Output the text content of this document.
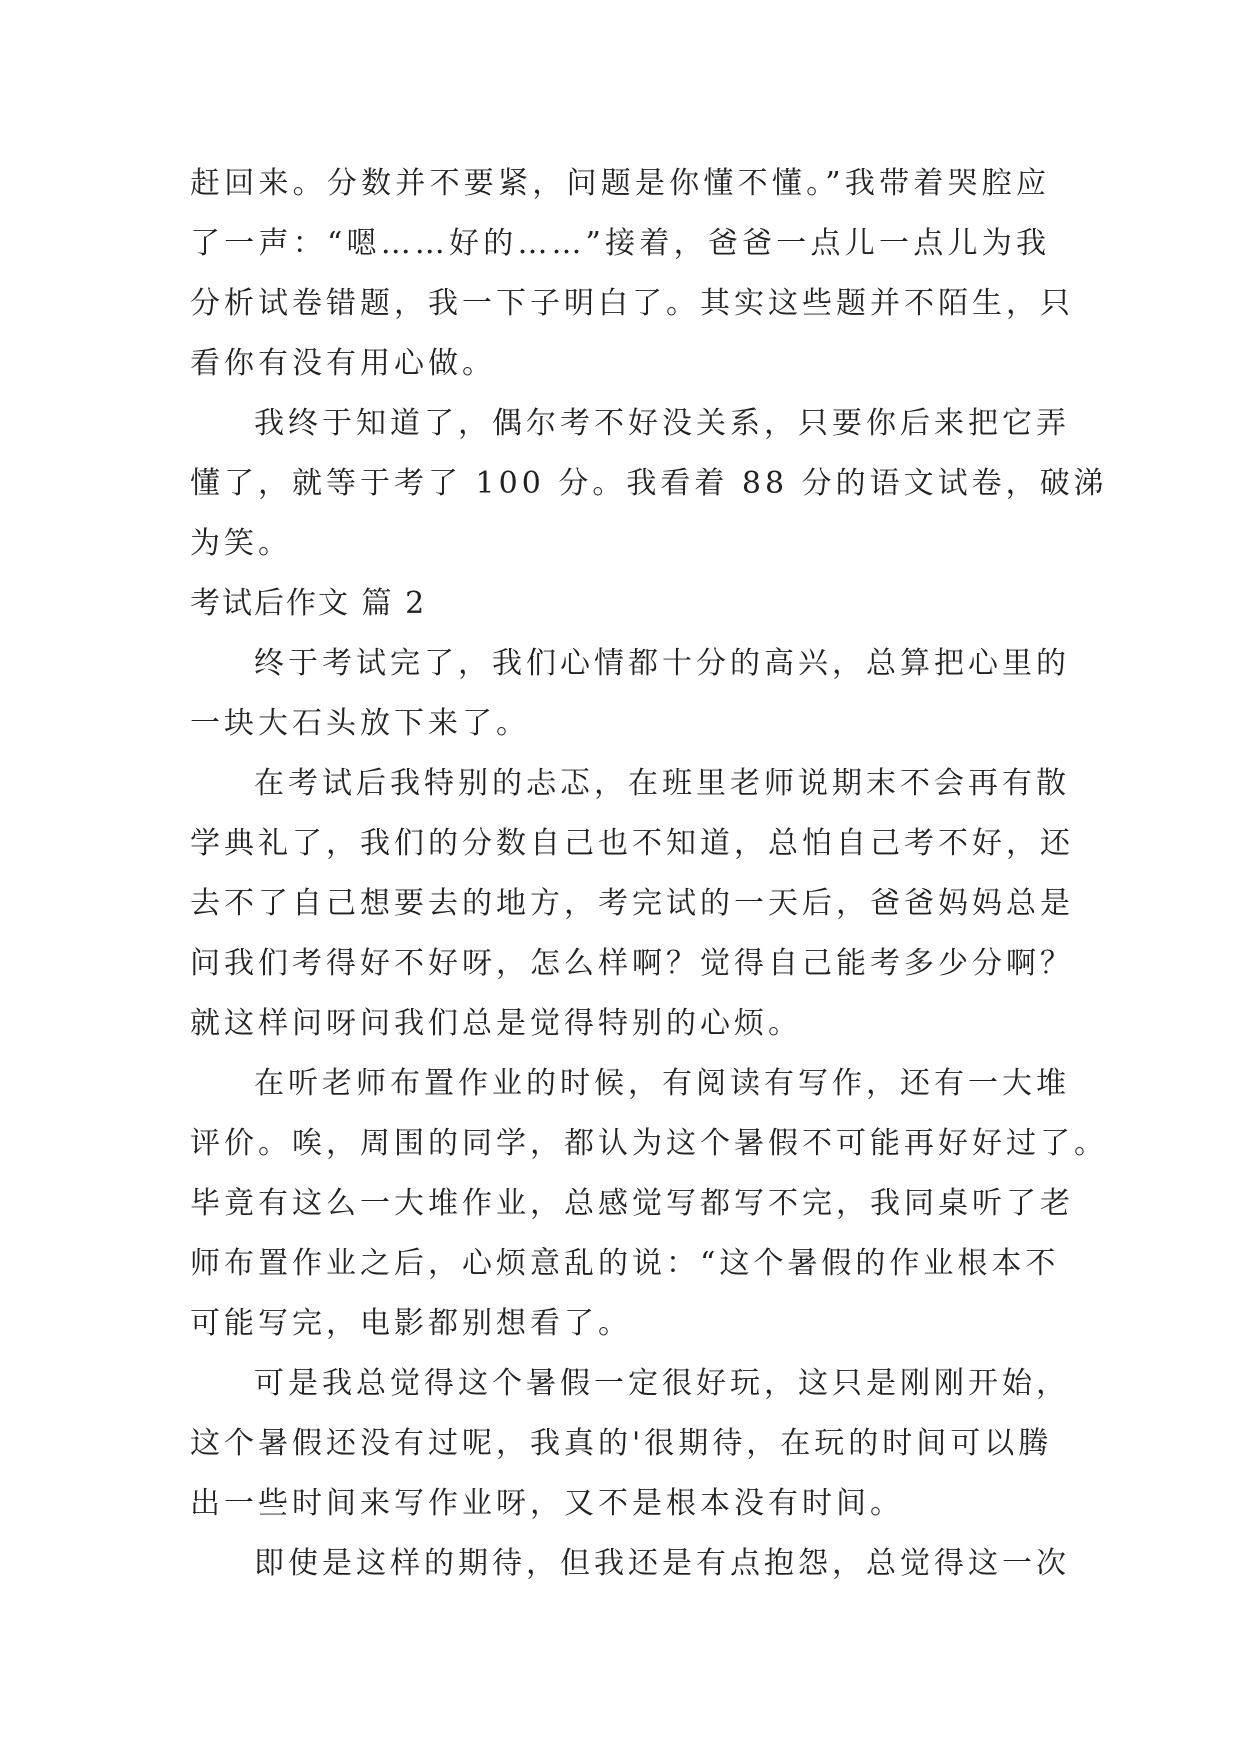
赶回来。分数并不要紧，问题是你懂不懂。”我带着哭腔应
了一声：“嗯……好的……”接着，爸爸一点儿一点儿为我
分析试卷错题，我一下子明白了。其实这些题并不陌生，只
看你有没有用心做。
我终于知道了，偶尔考不好没关系，只要你后来把它弄
懂了，就等于考了 100 分。我看着 88 分的语文试卷，破涕
为笑。
考试后作文 篇 2
终于考试完了，我们心情都十分的高兴，总算把心里的
一块大石头放下来了。
在考试后我特别的忐忑，在班里老师说期末不会再有散
学典礼了，我们的分数自己也不知道，总怕自己考不好，还
去不了自己想要去的地方，考完试的一天后，爸爸妈妈总是
问我们考得好不好呀，怎么样啊？觉得自己能考多少分啊？
就这样问呀问我们总是觉得特别的心烦。
在听老师布置作业的时候，有阅读有写作，还有一大堆
评价。唉，周围的同学，都认为这个暑假不可能再好好过了。
毕竟有这么一大堆作业，总感觉写都写不完，我同桌听了老
师布置作业之后，心烦意乱的说：“这个暑假的作业根本不
可能写完，电影都别想看了。
可是我总觉得这个暑假一定很好玩，这只是刚刚开始，
这个暑假还没有过呢，我真的'很期待，在玩的时间可以腾
出一些时间来写作业呀，又不是根本没有时间。
即使是这样的期待，但我还是有点抱怨，总觉得这一次
